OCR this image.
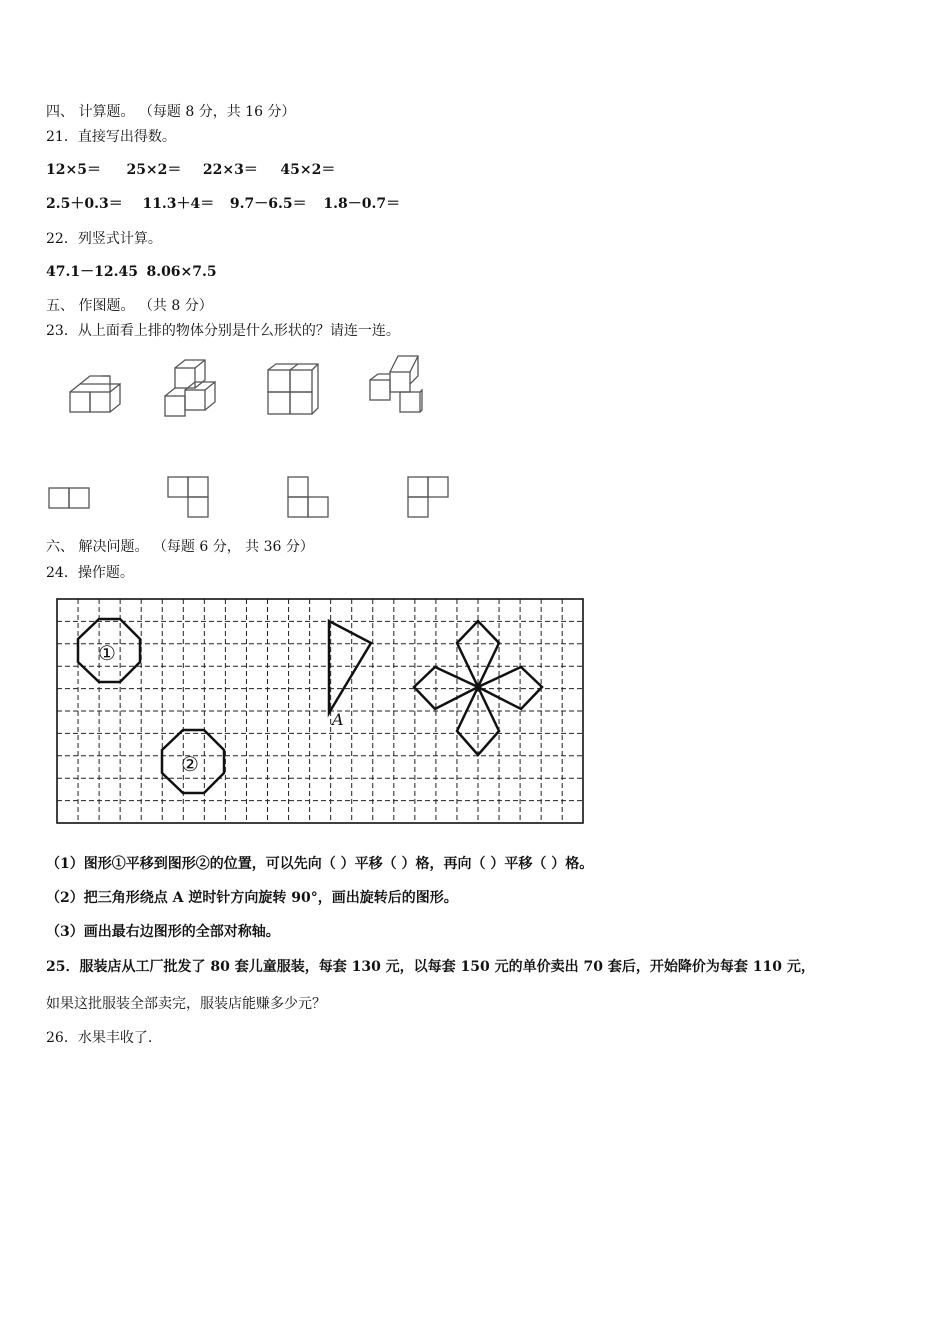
四、 计算题。 （每题 8 分，共 16 分）
21．直接写出得数。
12×5＝ 25×2＝ 22×3＝ 45×2＝
2.5＋0.3＝ 11.3＋4＝ 9.7－6.5＝ 1.8－0.7＝
22．列竖式计算。
47.1－12.45 8.06×7.5
五、 作图题。 （共 8 分）
23．从上面看上排的物体分别是什么形状的？请连一连。
六、 解决问题。 （每题 6 分， 共 36 分）
24．操作题。
①
②
A
（1）图形①平移到图形②的位置，可以先向（ ）平移（ ）格，再向（ ）平移（ ）格。
（2）把三角形绕点 A 逆时针方向旋转 90°，画出旋转后的图形。
（3）画出最右边图形的全部对称轴。
25．服装店从工厂批发了 80 套儿童服装，每套 130 元，以每套 150 元的单价卖出 70 套后，开始降价为每套 110 元，
如果这批服装全部卖完，服装店能赚多少元？
26．水果丰收了.
